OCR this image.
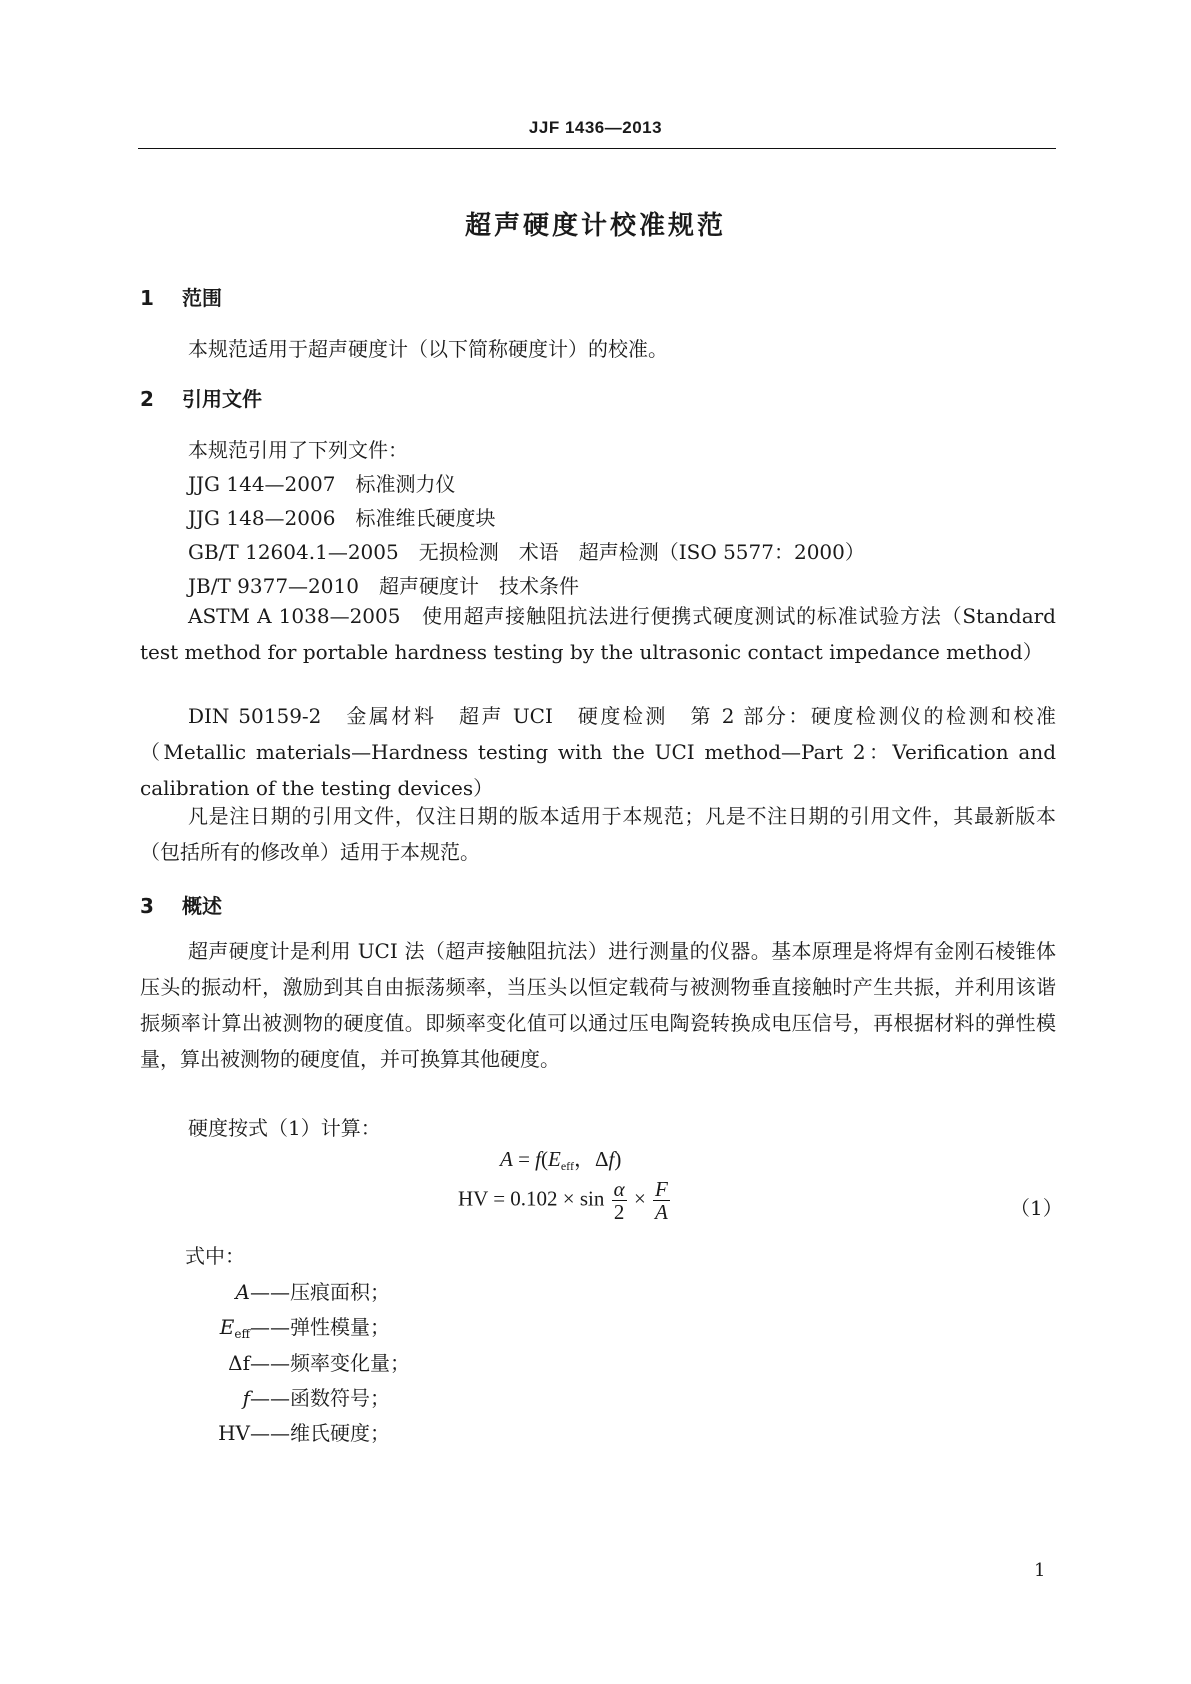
JJF 1436—2013
超声硬度计校准规范
1 范围
本规范适用于超声硬度计（以下简称硬度计）的校准。
2 引用文件
本规范引用了下列文件：
JJG 144—2007　标准测力仪
JJG 148—2006　标准维氏硬度块
GB/T 12604.1—2005　无损检测　术语　超声检测（ISO 5577：2000）
JB/T 9377—2010　超声硬度计　技术条件
ASTM A 1038—2005　使用超声接触阻抗法进行便携式硬度测试的标准试验方法（Standard test method for portable hardness testing by the ultrasonic contact impedance method）
DIN 50159-2　金属材料　超声 UCI　硬度检测　第 2 部分：硬度检测仪的检测和校准（Metallic materials—Hardness testing with the UCI method—Part 2：Verification and calibration of the testing devices）
凡是注日期的引用文件，仅注日期的版本适用于本规范；凡是不注日期的引用文件，其最新版本（包括所有的修改单）适用于本规范。
3 概述
超声硬度计是利用 UCI 法（超声接触阻抗法）进行测量的仪器。基本原理是将焊有金刚石棱锥体压头的振动杆，激励到其自由振荡频率，当压头以恒定载荷与被测物垂直接触时产生共振，并利用该谐振频率计算出被测物的硬度值。即频率变化值可以通过压电陶瓷转换成电压信号，再根据材料的弹性模量，算出被测物的硬度值，并可换算其他硬度。
硬度按式（1）计算：
$A = f(E_{eff}$，Δf)
HV = $0.102 \times \sin \frac{\alpha}{2} \times \frac{F}{A}$	（1）
式中：
A——压痕面积；
$E_{eff}——$弹性模量；
Δf——频率变化量；
f——函数符号；
HV——维氏硬度；
1
